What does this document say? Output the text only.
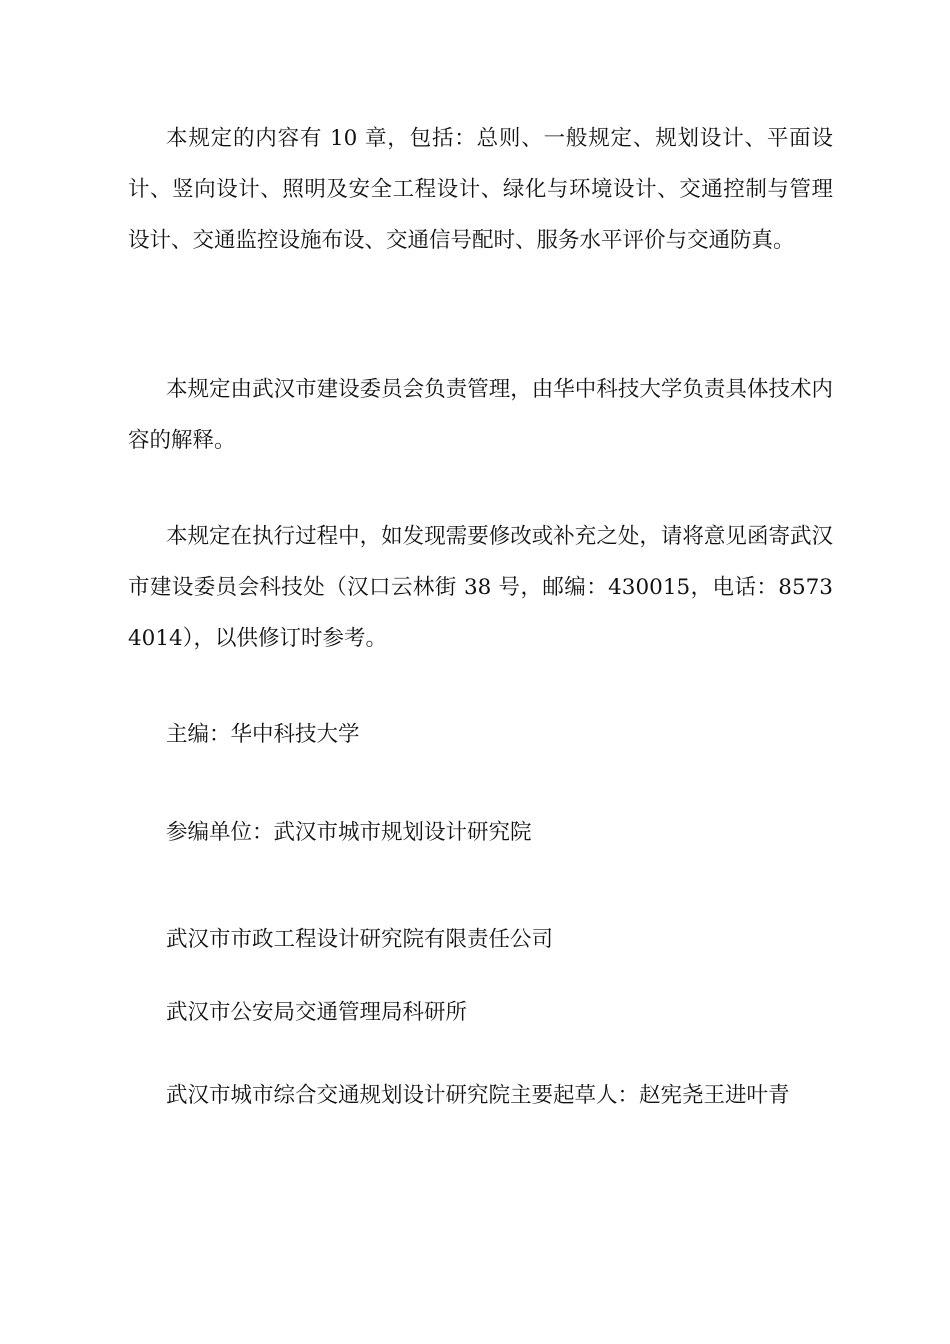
本规定的内容有 10 章，包括：总则、一般规定、规划设计、平面设计、竖向设计、照明及安全工程设计、绿化与环境设计、交通控制与管理设计、交通监控设施布设、交通信号配时、服务水平评价与交通防真。

本规定由武汉市建设委员会负责管理，由华中科技大学负责具体技术内容的解释。

本规定在执行过程中，如发现需要修改或补充之处，请将意见函寄武汉市建设委员会科技处（汉口云林街 38 号，邮编：430015，电话：85734014），以供修订时参考。

主编：华中科技大学
参编单位：武汉市城市规划设计研究院
武汉市市政工程设计研究院有限责任公司
武汉市公安局交通管理局科研所
武汉市城市综合交通规划设计研究院主要起草人：赵宪尧王进叶青
